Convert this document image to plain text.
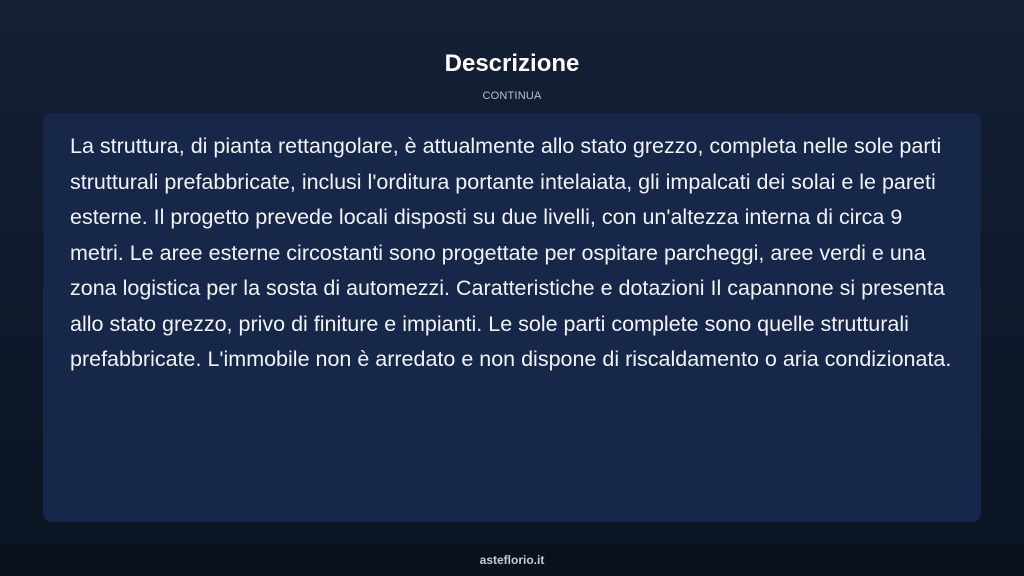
Descrizione
CONTINUA

La struttura, di pianta rettangolare, è attualmente allo stato grezzo, completa nelle sole parti strutturali prefabbricate, inclusi l'orditura portante intelaiata, gli impalcati dei solai e le pareti esterne. Il progetto prevede locali disposti su due livelli, con un'altezza interna di circa 9 metri. Le aree esterne circostanti sono progettate per ospitare parcheggi, aree verdi e una zona logistica per la sosta di automezzi. Caratteristiche e dotazioni Il capannone si presenta allo stato grezzo, privo di finiture e impianti. Le sole parti complete sono quelle strutturali prefabbricate. L'immobile non è arredato e non dispone di riscaldamento o aria condizionata.

asteflorio.it
